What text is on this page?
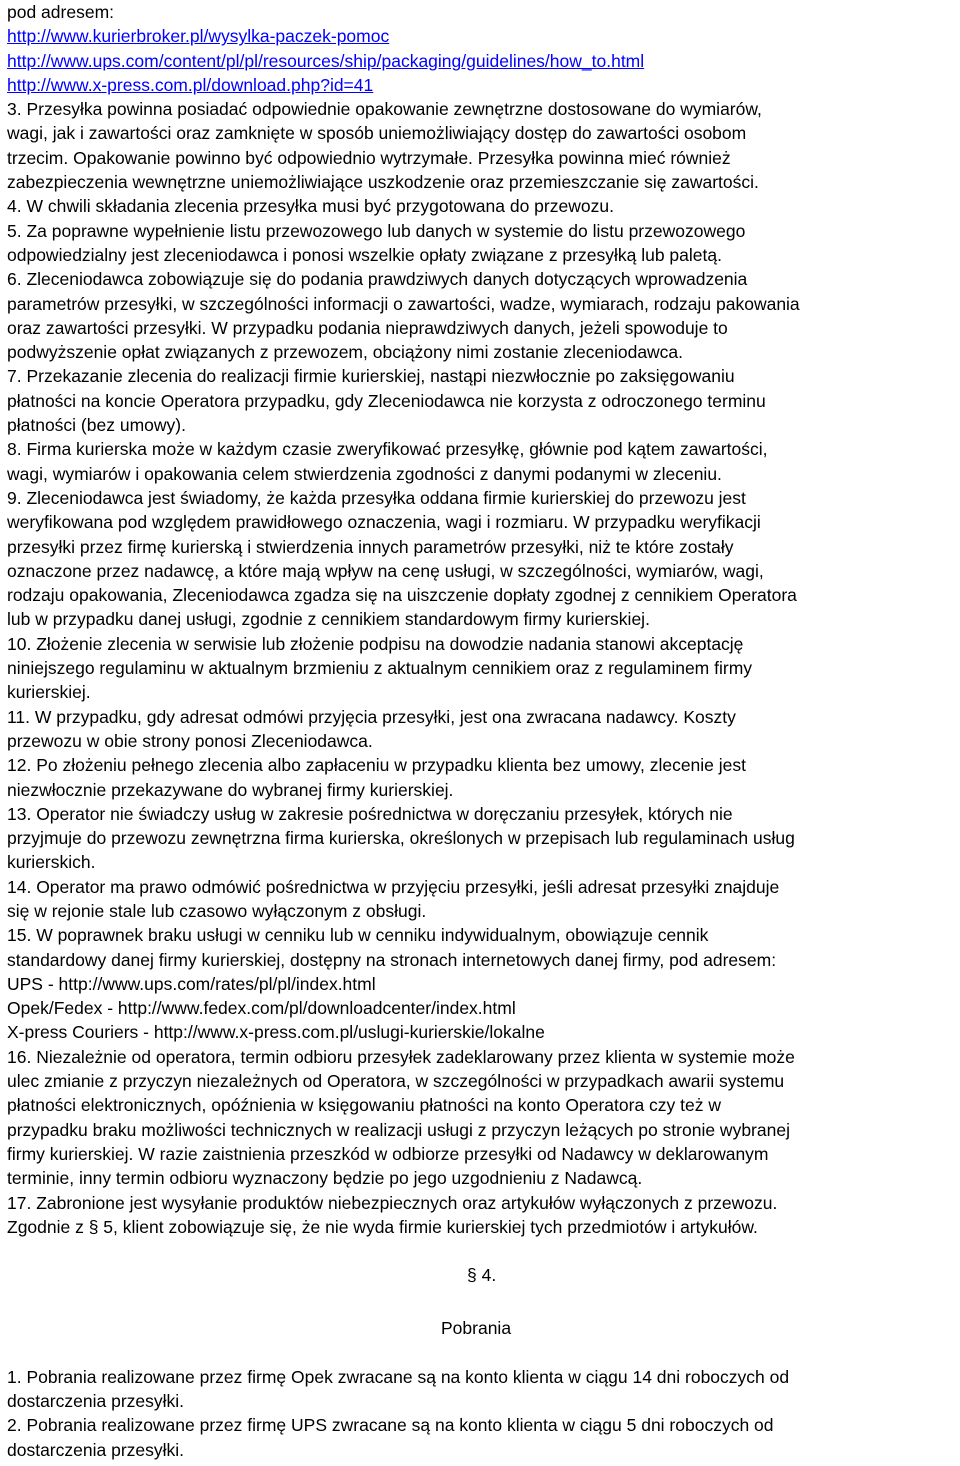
pod adresem:
http://www.kurierbroker.pl/wysylka-paczek-pomoc
http://www.ups.com/content/pl/pl/resources/ship/packaging/guidelines/how_to.html
http://www.x-press.com.pl/download.php?id=41
3. Przesyłka powinna posiadać odpowiednie opakowanie zewnętrzne dostosowane do wymiarów,
wagi, jak i zawartości oraz zamknięte w sposób uniemożliwiający dostęp do zawartości osobom
trzecim. Opakowanie powinno być odpowiednio wytrzymałe. Przesyłka powinna mieć również
zabezpieczenia wewnętrzne uniemożliwiające uszkodzenie oraz przemieszczanie się zawartości.
4. W chwili składania zlecenia przesyłka musi być przygotowana do przewozu.
5. Za poprawne wypełnienie listu przewozowego lub danych w systemie do listu przewozowego
odpowiedzialny jest zleceniodawca i ponosi wszelkie opłaty związane z przesyłką lub paletą.
6. Zleceniodawca zobowiązuje się do podania prawdziwych danych dotyczących wprowadzenia
parametrów przesyłki, w szczególności informacji o zawartości, wadze, wymiarach, rodzaju pakowania
oraz zawartości przesyłki. W przypadku podania nieprawdziwych danych, jeżeli spowoduje to
podwyższenie opłat związanych z przewozem, obciążony nimi zostanie zleceniodawca.
7. Przekazanie zlecenia do realizacji firmie kurierskiej, nastąpi niezwłocznie po zaksięgowaniu
płatności na koncie Operatora przypadku, gdy Zleceniodawca nie korzysta z odroczonego terminu
płatności (bez umowy).
8. Firma kurierska może w każdym czasie zweryfikować przesyłkę, głównie pod kątem zawartości,
wagi, wymiarów i opakowania celem stwierdzenia zgodności z danymi podanymi w zleceniu.
9. Zleceniodawca jest świadomy, że każda przesyłka oddana firmie kurierskiej do przewozu jest
weryfikowana pod względem prawidłowego oznaczenia, wagi i rozmiaru. W przypadku weryfikacji
przesyłki przez firmę kurierską i stwierdzenia innych parametrów przesyłki, niż te które zostały
oznaczone przez nadawcę, a które mają wpływ na cenę usługi, w szczególności, wymiarów, wagi,
rodzaju opakowania, Zleceniodawca zgadza się na uiszczenie dopłaty zgodnej z cennikiem Operatora
lub w przypadku danej usługi, zgodnie z cennikiem standardowym firmy kurierskiej.
10. Złożenie zlecenia w serwisie lub złożenie podpisu na dowodzie nadania stanowi akceptację
niniejszego regulaminu w aktualnym brzmieniu z aktualnym cennikiem oraz z regulaminem firmy
kurierskiej.
11. W przypadku, gdy adresat odmówi przyjęcia przesyłki, jest ona zwracana nadawcy. Koszty
przewozu w obie strony ponosi Zleceniodawca.
12. Po złożeniu pełnego zlecenia albo zapłaceniu w przypadku klienta bez umowy, zlecenie jest
niezwłocznie przekazywane do wybranej firmy kurierskiej.
13. Operator nie świadczy usług w zakresie pośrednictwa w doręczaniu przesyłek, których nie
przyjmuje do przewozu zewnętrzna firma kurierska, określonych w przepisach lub regulaminach usług
kurierskich.
14. Operator ma prawo odmówić pośrednictwa w przyjęciu przesyłki, jeśli adresat przesyłki znajduje
się w rejonie stale lub czasowo wyłączonym z obsługi.
15. W poprawnek braku usługi w cenniku lub w cenniku indywidualnym, obowiązuje cennik
standardowy danej firmy kurierskiej, dostępny na stronach internetowych danej firmy, pod adresem:
UPS - http://www.ups.com/rates/pl/pl/index.html
Opek/Fedex - http://www.fedex.com/pl/downloadcenter/index.html
X-press Couriers - http://www.x-press.com.pl/uslugi-kurierskie/lokalne
16. Niezależnie od operatora, termin odbioru przesyłek zadeklarowany przez klienta w systemie może
ulec zmianie z przyczyn niezależnych od Operatora, w szczególności w przypadkach awarii systemu
płatności elektronicznych, opóźnienia w księgowaniu płatności na konto Operatora czy też w
przypadku braku możliwości technicznych w realizacji usługi z przyczyn leżących po stronie wybranej
firmy kurierskiej. W razie zaistnienia przeszkód w odbiorze przesyłki od Nadawcy w deklarowanym
terminie, inny termin odbioru wyznaczony będzie po jego uzgodnieniu z Nadawcą.
17. Zabronione jest wysyłanie produktów niebezpiecznych oraz artykułów wyłączonych z przewozu.
Zgodnie z § 5, klient zobowiązuje się, że nie wyda firmie kurierskiej tych przedmiotów i artykułów.
§ 4.
Pobrania
1. Pobrania realizowane przez firmę Opek zwracane są na konto klienta w ciągu 14 dni roboczych od
dostarczenia przesyłki.
2. Pobrania realizowane przez firmę UPS zwracane są na konto klienta w ciągu 5 dni roboczych od
dostarczenia przesyłki.
